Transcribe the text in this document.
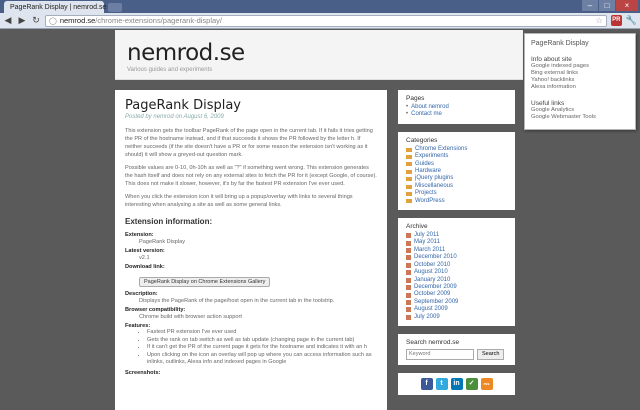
PageRank Display | nemrod.se	–	□	×
◀ ▶ ↻ ◯ nemrod.se/chrome-extensions/pagerank-display/	☆ PR 🔧
nemrod.se
Various guides and experiments
PageRank Display
Posted by nemrod on August 6, 2009

This extension gets the toolbar PageRank of the page open in the current tab. If it fails it tries getting the PR of the hostname instead, and if that succeeds it shows the PR followed by the letter h. If neither succeeds (if the site doesn't have a PR or for some reason the extension isn't working as it should) it will show a greyed-out question mark.

Possible values are 0-10, 0h-10h as well as "?" if something went wrong. This extension generates the hash itself and does not rely on any external sites to fetch the PR for it (except Google, of course). This does not make it slower, however, it's by far the fastest PR extension I've ever used.

When you click the extension icon it will bring up a popup/overlay with links to several things interesting when analysing a site as well as some general links.

Extension information:
Extension:
PageRank Display
Latest version:
v2.1
Download link:
PageRank Display on Chrome Extensions Gallery
Description:
Displays the PageRank of the page/host open in the current tab in the toolstrip.
Browser compatibility:
Chrome build with browser action support
Features:
• Fastest PR extension I've ever used
• Gets the rank on tab switch as well as tab update (changing page in the current tab)
• If it can't get the PR of the current page it gets for the hostname and indicates it with an h
• Upon clicking on the icon an overlay will pop up where you can access information such as inlinks, outlinks, Alexa info and indexed pages in Google
Screenshots:
Pages
• About nemrod
• Contact me
Categories
Chrome Extensions
Experiments
Guides
Hardware
jQuery plugins
Miscellaneous
Projects
WordPress
Archive
July 2011
May 2011
March 2011
December 2010
October 2010
August 2010
January 2010
December 2009
October 2009
September 2009
August 2009
July 2009
Search nemrod.se
Keyword
Search
f	t	in	✓	rss
PageRank Display
Info about site
Google indexed pages
Bing external links
Yahoo! backlinks
Alexa information
Useful links
Google Analytics
Google Webmaster Tools
